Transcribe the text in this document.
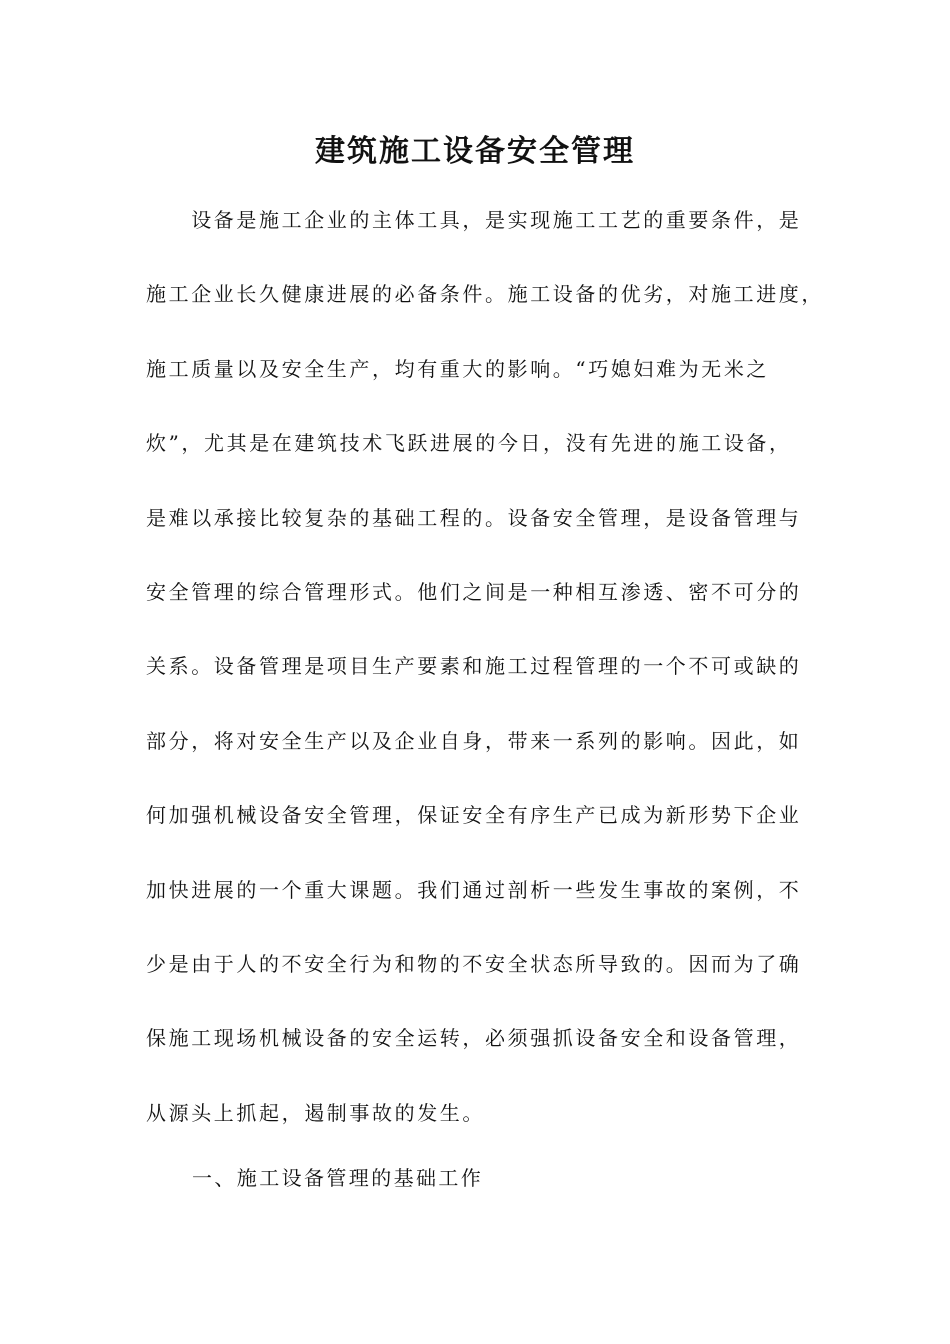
建筑施工设备安全管理
　　设备是施工企业的主体工具，是实现施工工艺的重要条件，是
施工企业长久健康进展的必备条件。施工设备的优劣，对施工进度，
施工质量以及安全生产，均有重大的影响。“巧媳妇难为无米之
炊”，尤其是在建筑技术飞跃进展的今日，没有先进的施工设备，
是难以承接比较复杂的基础工程的。设备安全管理，是设备管理与
安全管理的综合管理形式。他们之间是一种相互渗透、密不可分的
关系。设备管理是项目生产要素和施工过程管理的一个不可或缺的
部分，将对安全生产以及企业自身，带来一系列的影响。因此，如
何加强机械设备安全管理，保证安全有序生产已成为新形势下企业
加快进展的一个重大课题。我们通过剖析一些发生事故的案例，不
少是由于人的不安全行为和物的不安全状态所导致的。因而为了确
保施工现场机械设备的安全运转，必须强抓设备安全和设备管理，
从源头上抓起，遏制事故的发生。
一、施工设备管理的基础工作
